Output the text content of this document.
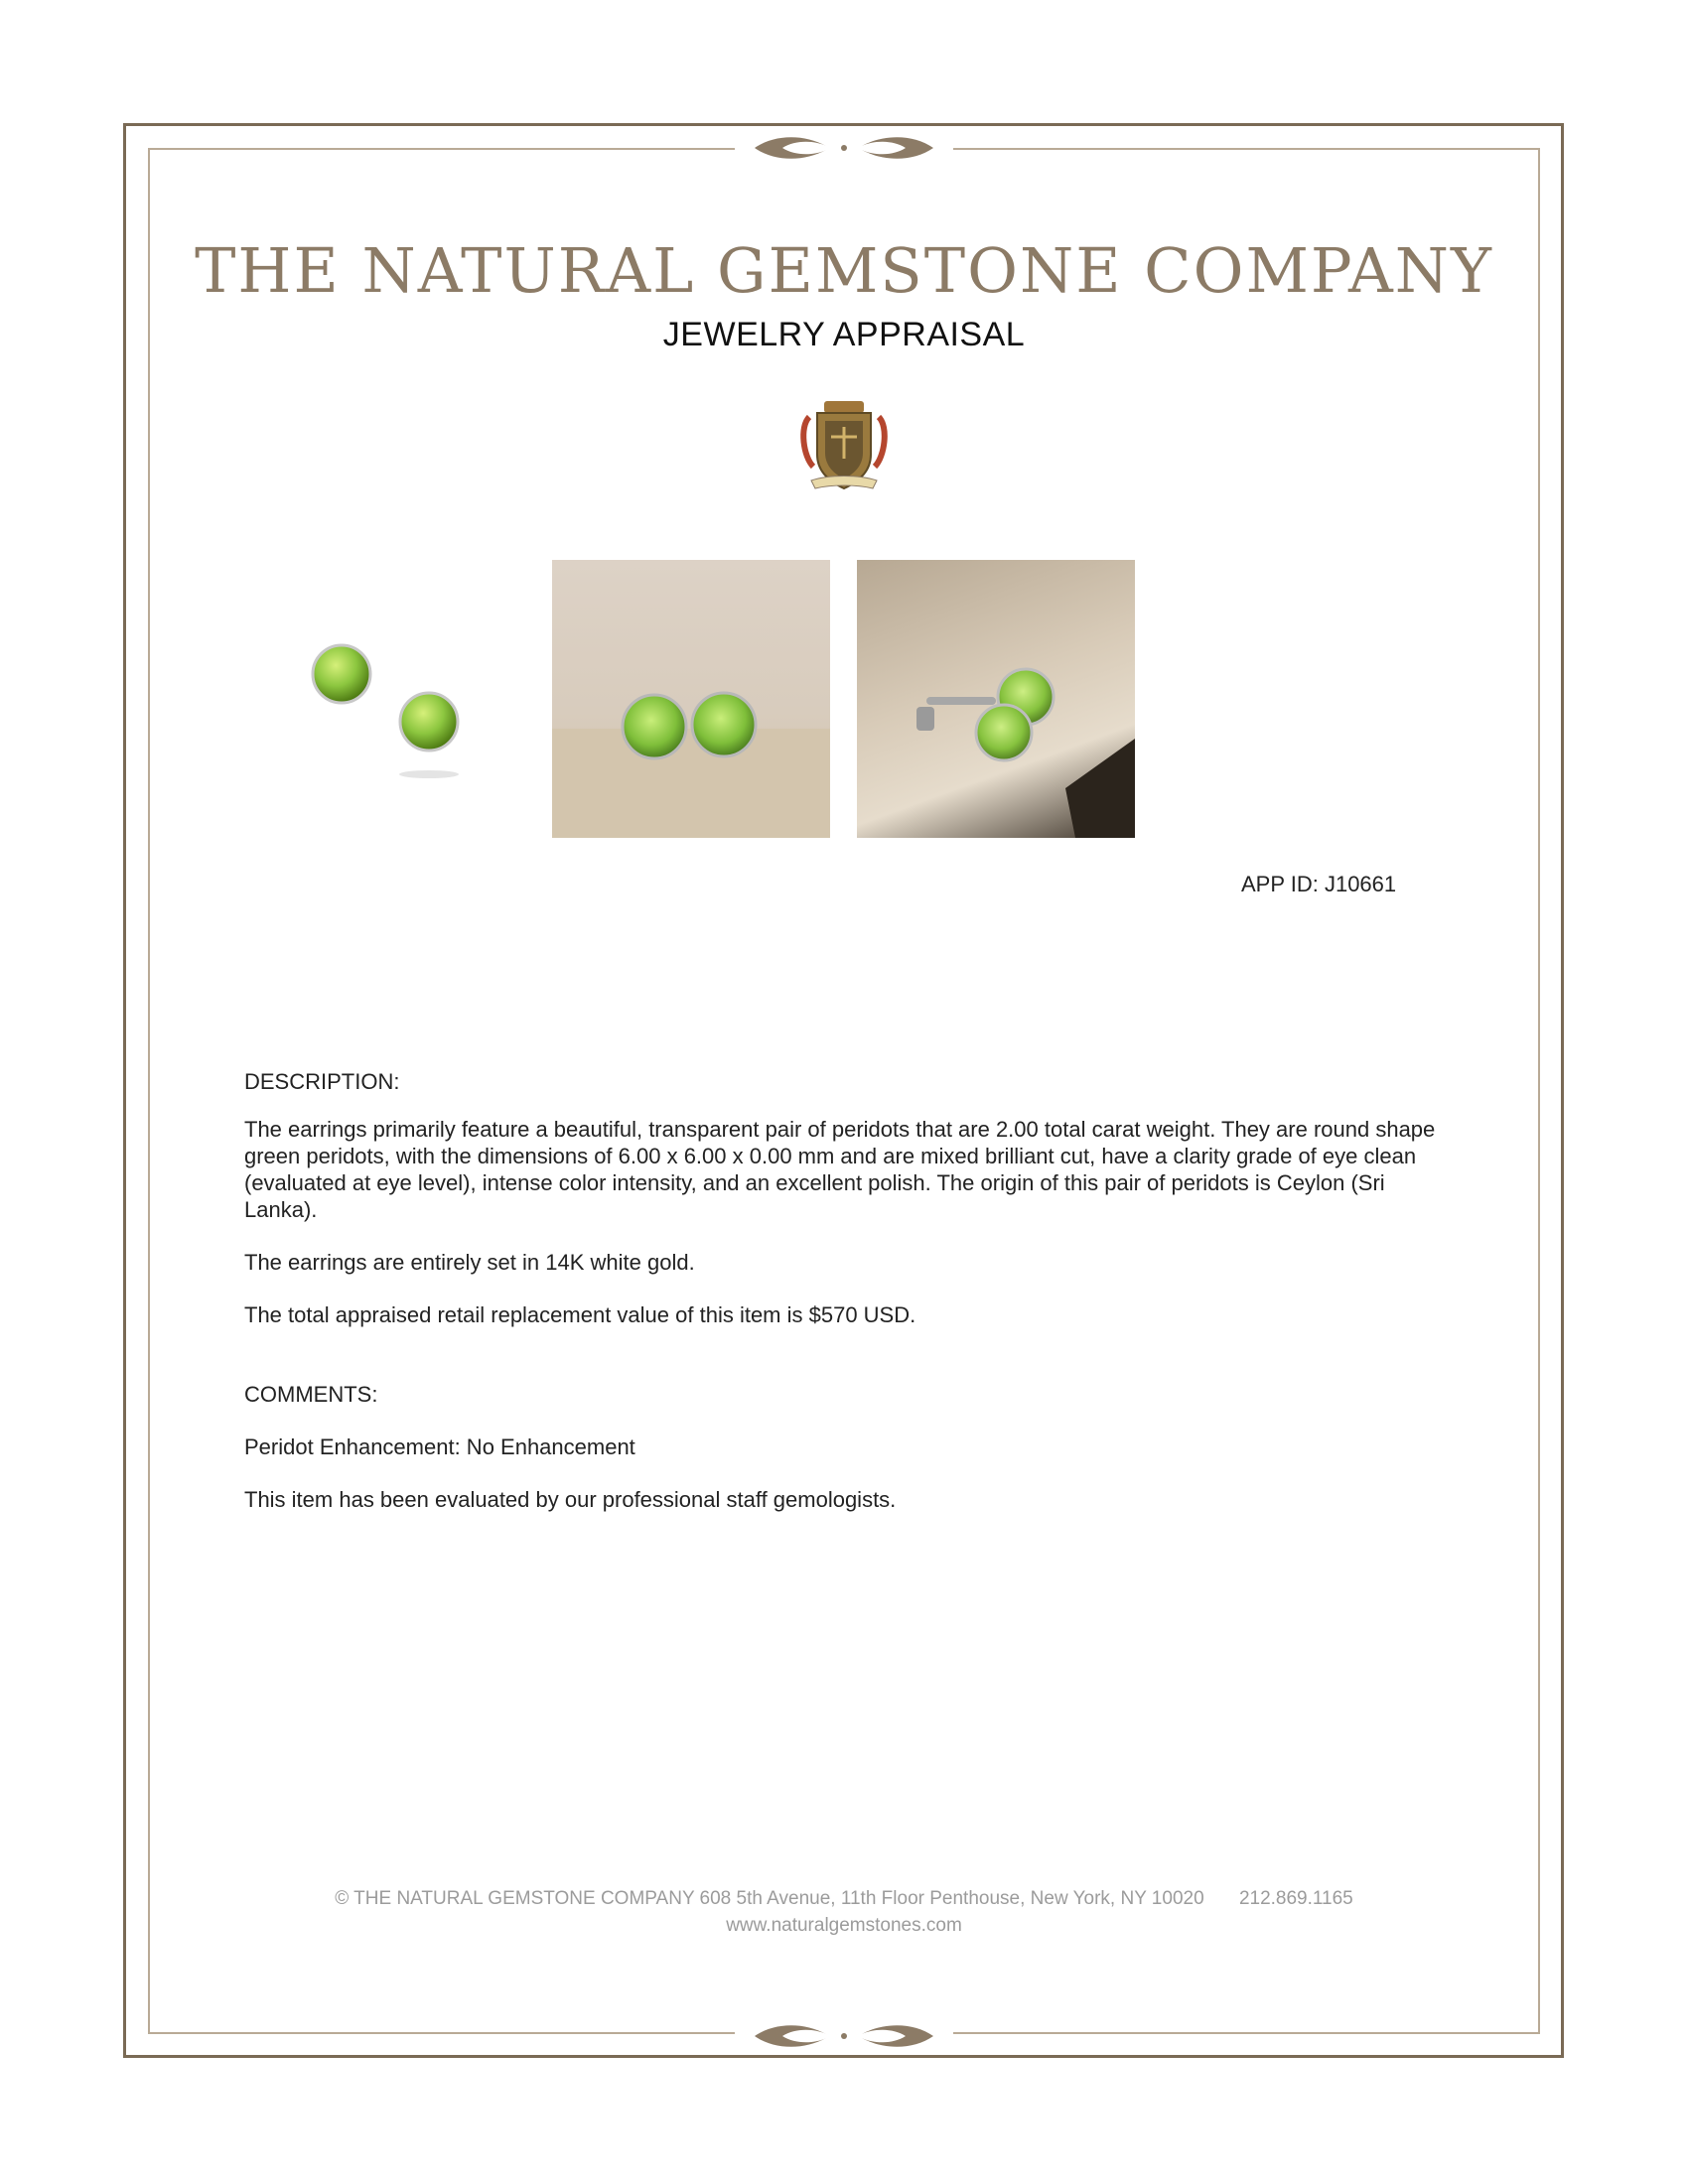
THE NATURAL GEMSTONE COMPANY
JEWELRY APPRAISAL
APP ID: J10661

DESCRIPTION:

The earrings primarily feature a beautiful, transparent pair of peridots that are 2.00 total carat weight. They are round shape green peridots, with the dimensions of 6.00 x 6.00 x 0.00 mm and are mixed brilliant cut, have a clarity grade of eye clean (evaluated at eye level), intense color intensity, and an excellent polish. The origin of this pair of peridots is Ceylon (Sri Lanka).

The earrings are entirely set in 14K white gold.

The total appraised retail replacement value of this item is $570 USD.

COMMENTS:

Peridot Enhancement: No Enhancement

This item has been evaluated by our professional staff gemologists.

© THE NATURAL GEMSTONE COMPANY 608 5th Avenue, 11th Floor Penthouse, New York, NY 10020 212.869.1165
www.naturalgemstones.com
